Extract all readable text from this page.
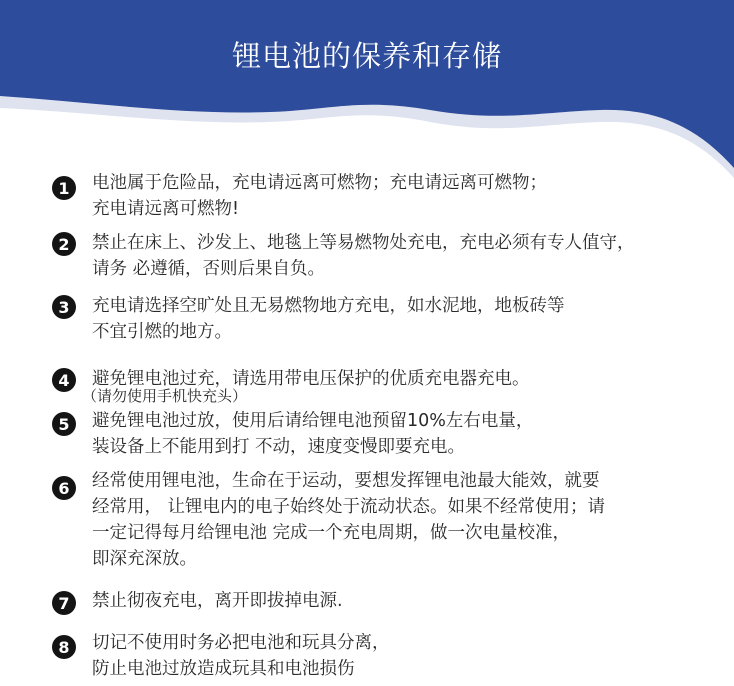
锂电池的保养和存储
1	电池属于危险品，充电请远离可燃物；充电请远离可燃物；
充电请远离可燃物!
2	禁止在床上、沙发上、地毯上等易燃物处充电，充电必须有专人值守，
请务 必遵循，否则后果自负。
3	充电请选择空旷处且无易燃物地方充电，如水泥地，地板砖等
不宜引燃的地方。
4	避免锂电池过充，请选用带电压保护的优质充电器充电。
（请勿使用手机快充头）
5	避免锂电池过放，使用后请给锂电池预留10%左右电量，
装设备上不能用到打 不动，速度变慢即要充电。
6	经常使用锂电池，生命在于运动，要想发挥锂电池最大能效，就要
经常用， 让锂电内的电子始终处于流动状态。如果不经常使用；请
一定记得每月给锂电池 完成一个充电周期，做一次电量校准，
即深充深放。
7	禁止彻夜充电，离开即拔掉电源.
8	切记不使用时务必把电池和玩具分离，
防止电池过放造成玩具和电池损伤
